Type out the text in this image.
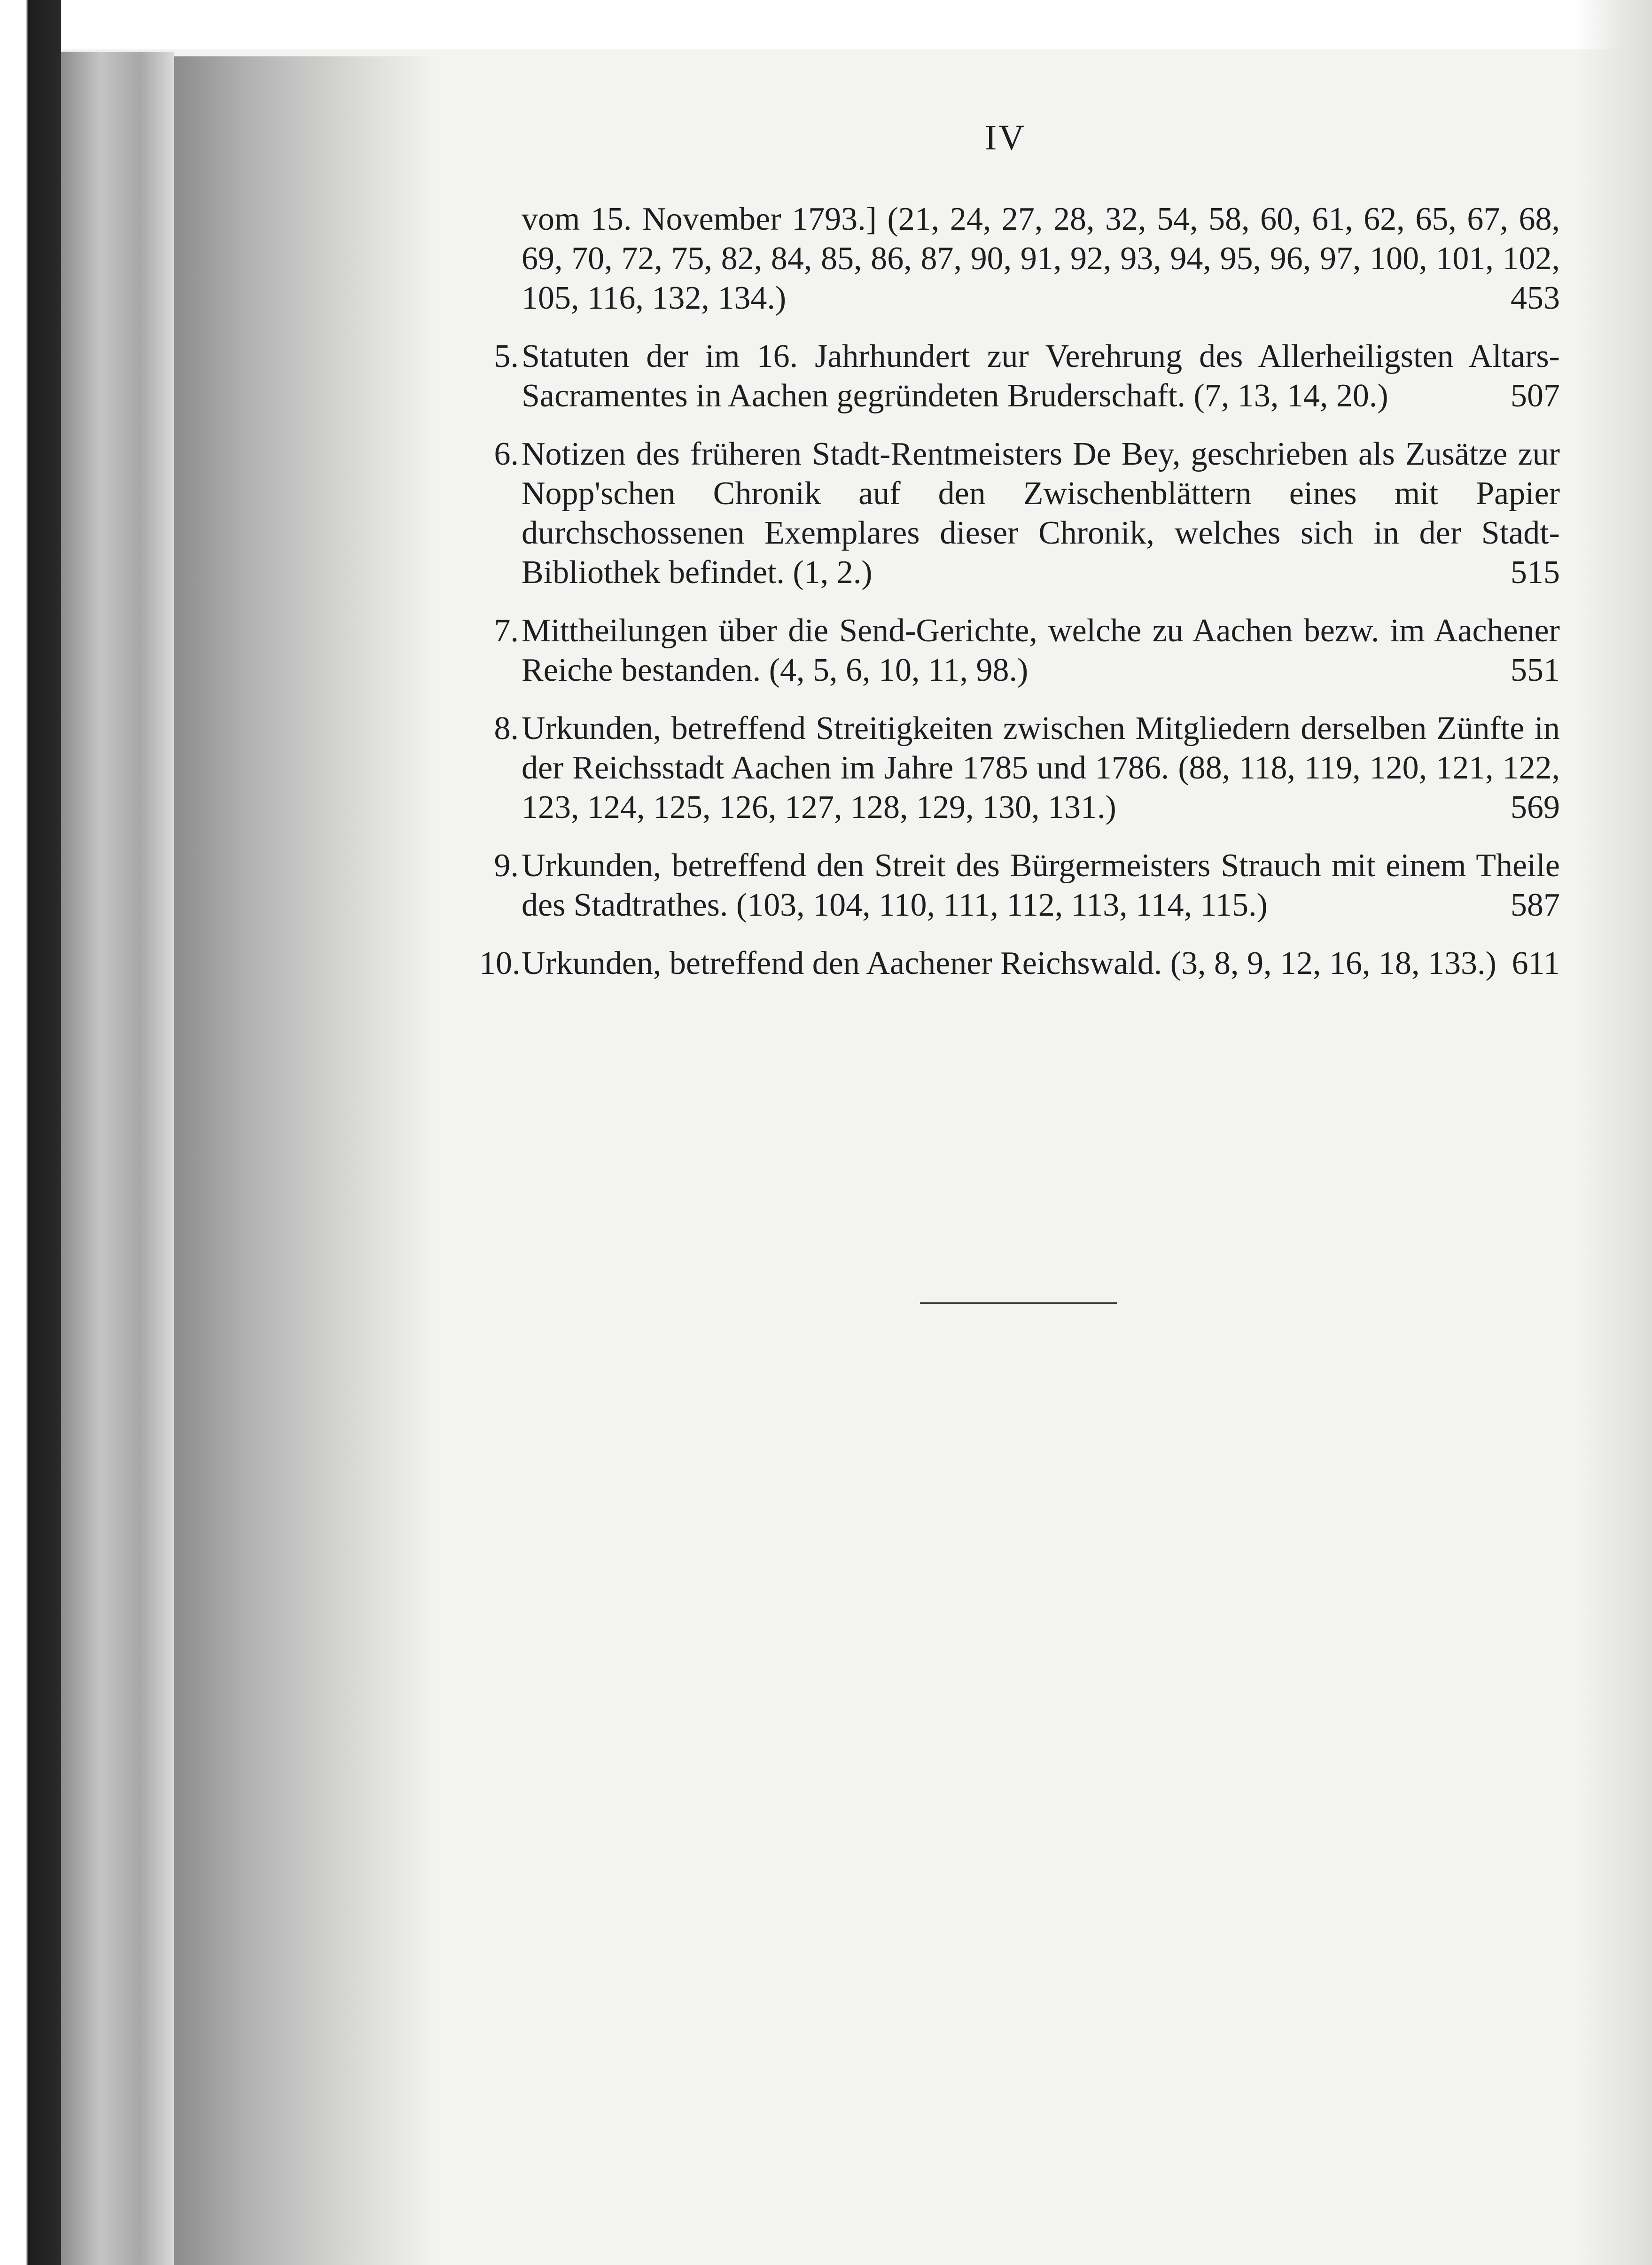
IV
vom 15. November 1793.] (21, 24, 27, 28, 32, 54, 58, 60, 61, 62, 65, 67, 68, 69, 70, 72, 75, 82, 84, 85, 86, 87, 90, 91, 92, 93, 94, 95, 96, 97, 100, 101, 102, 105, 116, 132, 134.)	453
5. Statuten der im 16. Jahrhundert zur Verehrung des Allerheiligsten Altars-Sacramentes in Aachen gegründeten Bruderschaft. (7, 13, 14, 20.)	507
6. Notizen des früheren Stadt-Rentmeisters De Bey, geschrieben als Zusätze zur Nopp'schen Chronik auf den Zwischenblättern eines mit Papier durchschossenen Exemplares dieser Chronik, welches sich in der Stadt-Bibliothek befindet. (1, 2.)	515
7. Mittheilungen über die Send-Gerichte, welche zu Aachen bezw. im Aachener Reiche bestanden. (4, 5, 6, 10, 11, 98.)	551
8. Urkunden, betreffend Streitigkeiten zwischen Mitgliedern derselben Zünfte in der Reichsstadt Aachen im Jahre 1785 und 1786. (88, 118, 119, 120, 121, 122, 123, 124, 125, 126, 127, 128, 129, 130, 131.)	569
9. Urkunden, betreffend den Streit des Bürgermeisters Strauch mit einem Theile des Stadtrathes. (103, 104, 110, 111, 112, 113, 114, 115.)	587
10. Urkunden, betreffend den Aachener Reichswald. (3, 8, 9, 12, 16, 18, 133.) 611
